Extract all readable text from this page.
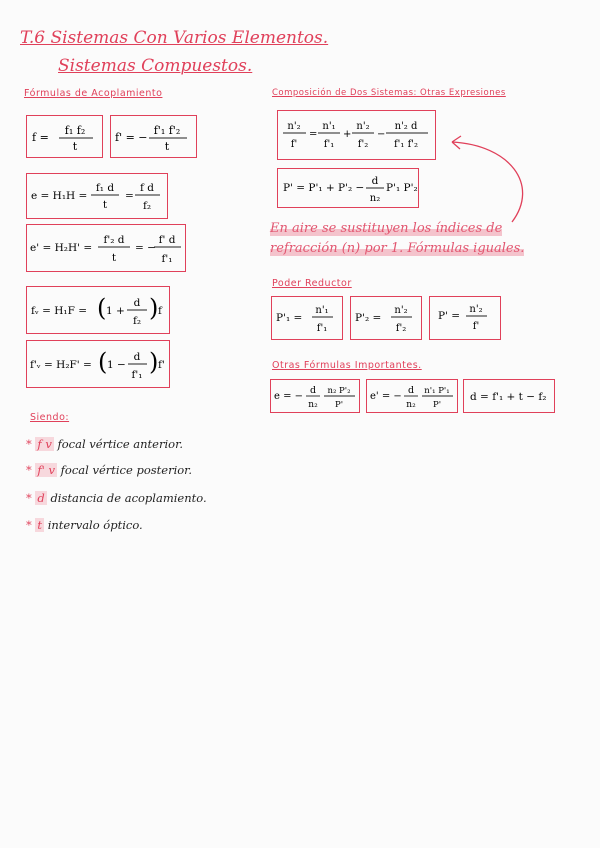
T.6 Sistemas Con Varios Elementos.
Sistemas Compuestos.
Fórmulas de Acoplamiento	Composición de Dos Sistemas: Otras Expresiones
Poder Reductor
Otras Fórmulas Importantes.
Siendo:
f =
f₁ f₂
t
f' = −
f'₁ f'₂
t
e = H₁H =
f₁ d
t
=
f d
f₂
e' = H₂H' =
f'₂ d
t
= −
f' d
f'₁
fᵥ = H₁F = ( 1 +
d
f₂ ) f
f'ᵥ = H₂F' = ( 1 −
d
f'₁ ) f'
n'₂
f'
=
n'₁
f'₁
+
n'₂
f'₂
−
n'₂ d
f'₁ f'₂
P' = P'₁ + P'₂ −
d
n₂
P'₁ P'₂
En aire se sustituyen los índices de
refracción (n) por 1. Fórmulas iguales.
P'₁ =
n'₁
f'₁
P'₂ =
n'₂
f'₂
P' =
n'₂
f'
e = −
d
n₂
n₂ P'₂
P'
e' = −
d
n₂
n'₁ P'₁
P'
d = f'₁ + t − f₂
* f v focal vértice anterior.
* f' v focal vértice posterior.
* d distancia de acoplamiento.
* t intervalo óptico.
